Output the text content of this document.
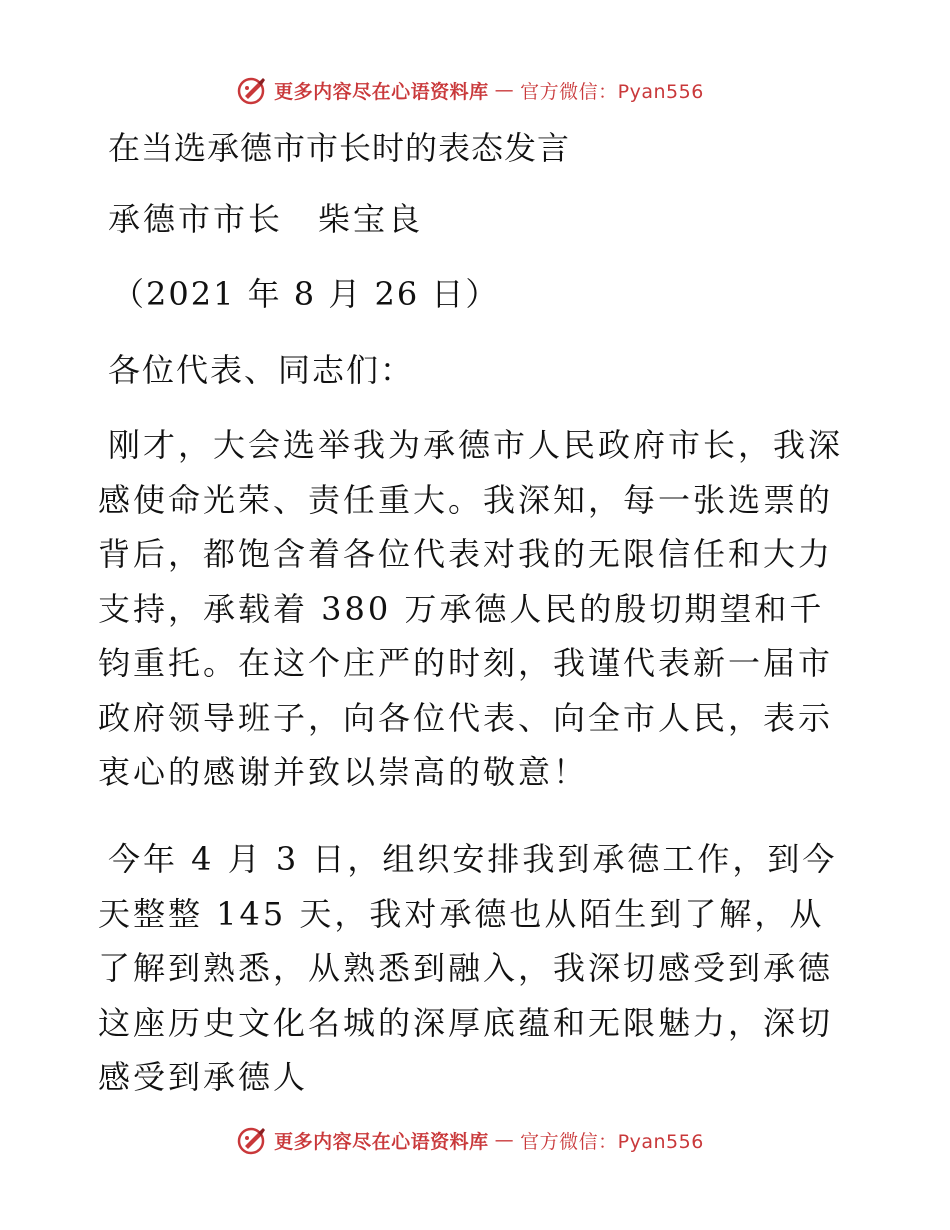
更多内容尽在心语资料库 — 官方微信：Pyan556
在当选承德市市长时的表态发言
承德市市长　柴宝良
（2021 年 8 月 26 日）
各位代表、同志们：

刚才，大会选举我为承德市人民政府市长，我深感使命光荣、责任重大。我深知，每一张选票的背后，都饱含着各位代表对我的无限信任和大力支持，承载着 380 万承德人民的殷切期望和千钧重托。在这个庄严的时刻，我谨代表新一届市政府领导班子，向各位代表、向全市人民，表示衷心的感谢并致以崇高的敬意！

今年 4 月 3 日，组织安排我到承德工作，到今天整整 145 天，我对承德也从陌生到了解，从了解到熟悉，从熟悉到融入，我深切感受到承德这座历史文化名城的深厚底蕴和无限魅力，深切感受到承德人

更多内容尽在心语资料库 — 官方微信：Pyan556
